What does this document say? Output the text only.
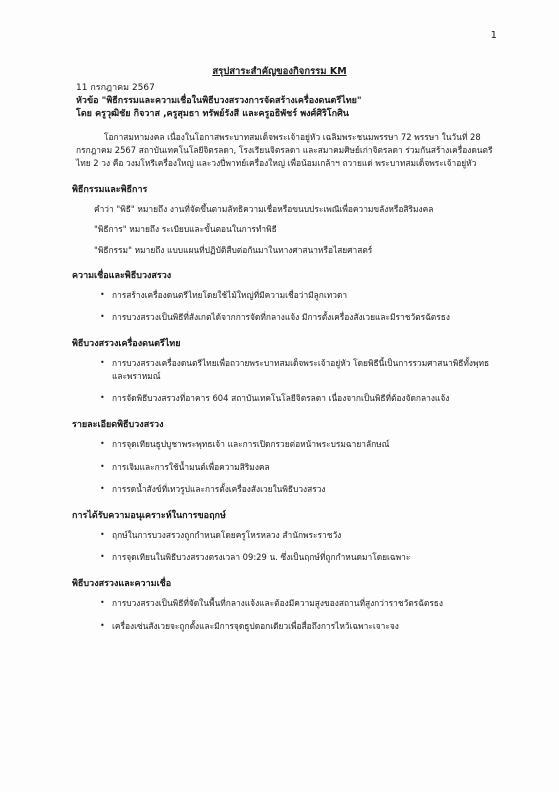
1
สรุปสาระสำคัญของกิจกรรม KM

11 กรกฎาคม 2567

หัวข้อ "พิธีกรรมและความเชื่อในพิธีบวงสรวงการจัดสร้างเครื่องดนตรีไทย"

โดย ครูวุฒิชัย กิจวาส ,ครูสุมธา ทรัพย์รังสี และครูอธิพัชร์ พงศ์ศิริโกศิน

โอกาสมหามงคล เนื่องในโอกาสพระบาทสมเด็จพระเจ้าอยู่หัว เฉลิมพระชนมพรรษา 72 พรรษา ในวันที่ 28 กรกฎาคม 2567 สถาบันเทคโนโลยีจิตรลดา, โรงเรียนจิตรลดา และสมาคมศิษย์เก่าจิตรลดา ร่วมกันสร้างเครื่องดนตรีไทย 2 วง คือ วงมโหรีเครื่องใหญ่ และวงปี่พาทย์เครื่องใหญ่ เพื่อน้อมเกล้าฯ ถวายแด่ พระบาทสมเด็จพระเจ้าอยู่หัว

พิธีกรรมและพิธีการ

คำว่า "พิธี" หมายถึง งานที่จัดขึ้นตามลัทธิความเชื่อหรือขนบประเพณีเพื่อความขลังหรือสิริมงคล

"พิธีการ" หมายถึง ระเบียบและขั้นตอนในการทำพิธี

"พิธีกรรม" หมายถึง แบบแผนที่ปฏิบัติสืบต่อกันมาในทางศาสนาหรือไสยศาสตร์

ความเชื่อและพิธีบวงสรวง
• การสร้างเครื่องดนตรีไทยโดยใช้ไม้ใหญ่ที่มีความเชื่อว่ามีลูกเทวดา
• การบวงสรวงเป็นพิธีที่สังเกตได้จากการจัดที่กลางแจ้ง มีการตั้งเครื่องสังเวยและมีราชวัตรฉัตรธง
พิธีบวงสรวงเครื่องดนตรีไทย
• การบวงสรวงเครื่องดนตรีไทยเพื่อถวายพระบาทสมเด็จพระเจ้าอยู่หัว โดยพิธีนี้เป็นการรวมศาสนาพิธีทั้งพุทธและพราหมณ์
• การจัดพิธีบวงสรวงที่อาคาร 604 สถาบันเทคโนโลยีจิตรลดา เนื่องจากเป็นพิธีที่ต้องจัดกลางแจ้ง
รายละเอียดพิธีบวงสรวง
• การจุดเทียนธูปบูชาพระพุทธเจ้า และการเปิดกรวยต่อหน้าพระบรมฉายาลักษณ์
• การเจิมและการใช้น้ำมนต์เพื่อความสิริมงคล
• การรดน้ำสังข์ที่เทวรูปและการตั้งเครื่องสังเวยในพิธีบวงสรวง
การได้รับความอนุเคราะห์ในการขอฤกษ์
• ฤกษ์ในการบวงสรวงถูกกำหนดโดยครูโหรหลวง สำนักพระราชวัง
• การจุดเทียนในพิธีบวงสรวงตรงเวลา 09:29 น. ซึ่งเป็นฤกษ์ที่ถูกกำหนดมาโดยเฉพาะ
พิธีบวงสรวงและความเชื่อ
• การบวงสรวงเป็นพิธีที่จัดในพื้นที่กลางแจ้งและต้องมีความสูงของสถานที่สูงกว่าราชวัตรฉัตรธง
• เครื่องเซ่นสังเวยจะถูกตั้งและมีการจุดธูปดอกเดียวเพื่อสื่อถึงการไหว้เฉพาะเจาะจง
